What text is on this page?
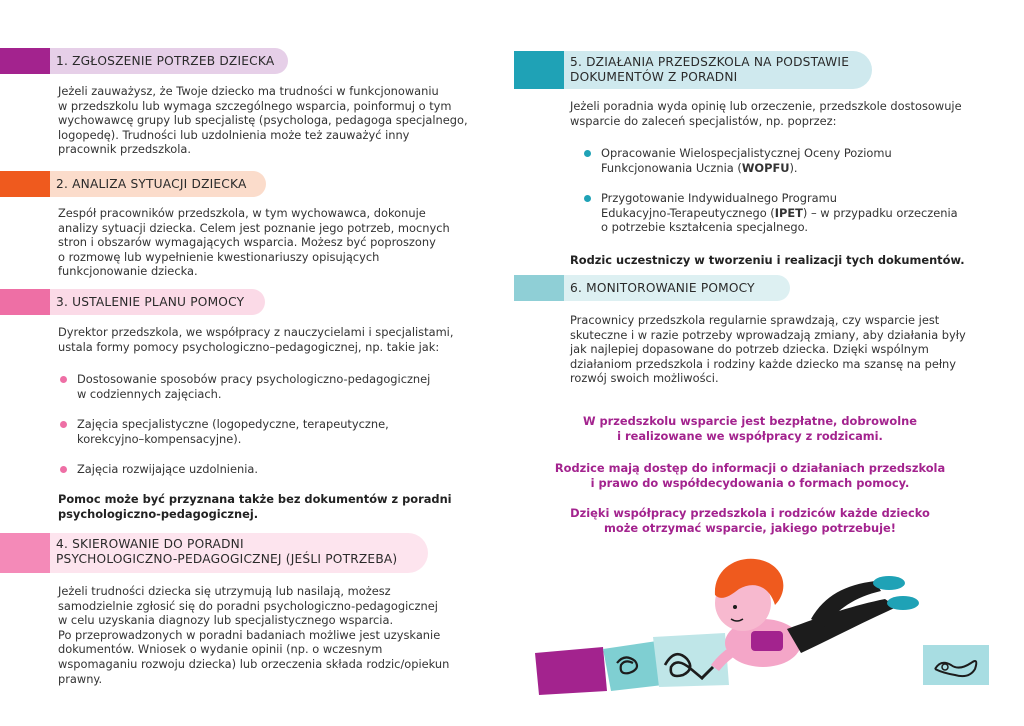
1. ZGŁOSZENIE POTRZEB DZIECKA
Jeżeli zauważysz, że Twoje dziecko ma trudności w funkcjonowaniu
w przedszkolu lub wymaga szczególnego wsparcia, poinformuj o tym
wychowawcę grupy lub specjalistę (psychologa, pedagoga specjalnego,
logopedę). Trudności lub uzdolnienia może też zauważyć inny
pracownik przedszkola.
2. ANALIZA SYTUACJI DZIECKA
Zespół pracowników przedszkola, w tym wychowawca, dokonuje
analizy sytuacji dziecka. Celem jest poznanie jego potrzeb, mocnych
stron i obszarów wymagających wsparcia. Możesz być poproszony
o rozmowę lub wypełnienie kwestionariuszy opisujących
funkcjonowanie dziecka.
3. USTALENIE PLANU POMOCY
Dyrektor przedszkola, we współpracy z nauczycielami i specjalistami,
ustala formy pomocy psychologiczno–pedagogicznej, np. takie jak:
Dostosowanie sposobów pracy psychologiczno-pedagogicznej
w codziennych zajęciach.
Zajęcia specjalistyczne (logopedyczne, terapeutyczne,
korekcyjno–kompensacyjne).
Zajęcia rozwijające uzdolnienia.
Pomoc może być przyznana także bez dokumentów z poradni
psychologiczno-pedagogicznej.
4. SKIEROWANIE DO PORADNI
PSYCHOLOGICZNO-PEDAGOGICZNEJ (JEŚLI POTRZEBA)
Jeżeli trudności dziecka się utrzymują lub nasilają, możesz
samodzielnie zgłosić się do poradni psychologiczno-pedagogicznej
w celu uzyskania diagnozy lub specjalistycznego wsparcia.
Po przeprowadzonych w poradni badaniach możliwe jest uzyskanie
dokumentów. Wniosek o wydanie opinii (np. o wczesnym
wspomaganiu rozwoju dziecka) lub orzeczenia składa rodzic/opiekun
prawny.
5. DZIAŁANIA PRZEDSZKOLA NA PODSTAWIE
DOKUMENTÓW Z PORADNI
Jeżeli poradnia wyda opinię lub orzeczenie, przedszkole dostosowuje
wsparcie do zaleceń specjalistów, np. poprzez:
Opracowanie Wielospecjalistycznej Oceny Poziomu
Funkcjonowania Ucznia (WOPFU).
Przygotowanie Indywidualnego Programu
Edukacyjno-Terapeutycznego (IPET) – w przypadku orzeczenia
o potrzebie kształcenia specjalnego.
Rodzic uczestniczy w tworzeniu i realizacji tych dokumentów.
6. MONITOROWANIE POMOCY
Pracownicy przedszkola regularnie sprawdzają, czy wsparcie jest
skuteczne i w razie potrzeby wprowadzają zmiany, aby działania były
jak najlepiej dopasowane do potrzeb dziecka. Dzięki wspólnym
działaniom przedszkola i rodziny każde dziecko ma szansę na pełny
rozwój swoich możliwości.
W przedszkolu wsparcie jest bezpłatne, dobrowolne
i realizowane we współpracy z rodzicami.
Rodzice mają dostęp do informacji o działaniach przedszkola
i prawo do współdecydowania o formach pomocy.
Dzięki współpracy przedszkola i rodziców każde dziecko
może otrzymać wsparcie, jakiego potrzebuje!
